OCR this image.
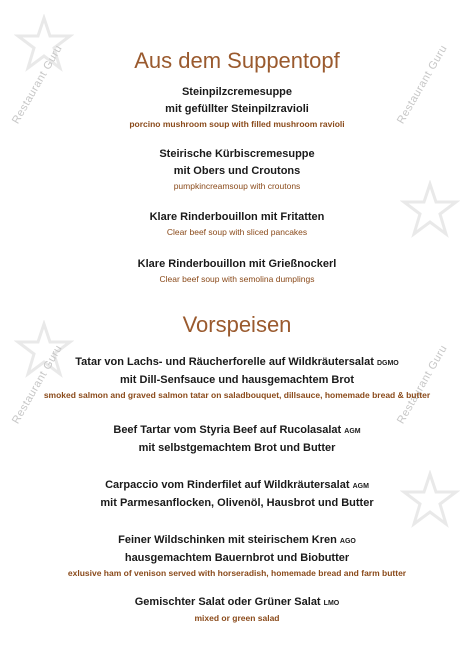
Restaurant Guru	Restaurant Guru
Restaurant Guru	Restaurant Guru
Aus dem Suppentopf
Steinpilzcremesuppe
mit gefüllter Steinpilzravioli
porcino mushroom soup with filled mushroom ravioli
Steirische Kürbiscremesuppe
mit Obers und Croutons
pumpkincreamsoup with croutons
Klare Rinderbouillon mit Fritatten
Clear beef soup with sliced pancakes
Klare Rinderbouillon mit Grießnockerl
Clear beef soup with semolina dumplings
Vorspeisen
Tatar von Lachs- und Räucherforelle auf Wildkräutersalat DGMO
mit Dill-Senfsauce und hausgemachtem Brot
smoked salmon and graved salmon tatar on saladbouquet, dillsauce, homemade bread & butter
Beef Tartar vom Styria Beef auf Rucolasalat AGM
mit selbstgemachtem Brot und Butter
Carpaccio vom Rinderfilet auf Wildkräutersalat AGM
mit Parmesanflocken, Olivenöl, Hausbrot und Butter
Feiner Wildschinken mit steirischem Kren AGO
hausgemachtem Bauernbrot und Biobutter
exlusive ham of venison served with horseradish, homemade bread and farm butter
Gemischter Salat oder Grüner Salat LMO
mixed or green salad
